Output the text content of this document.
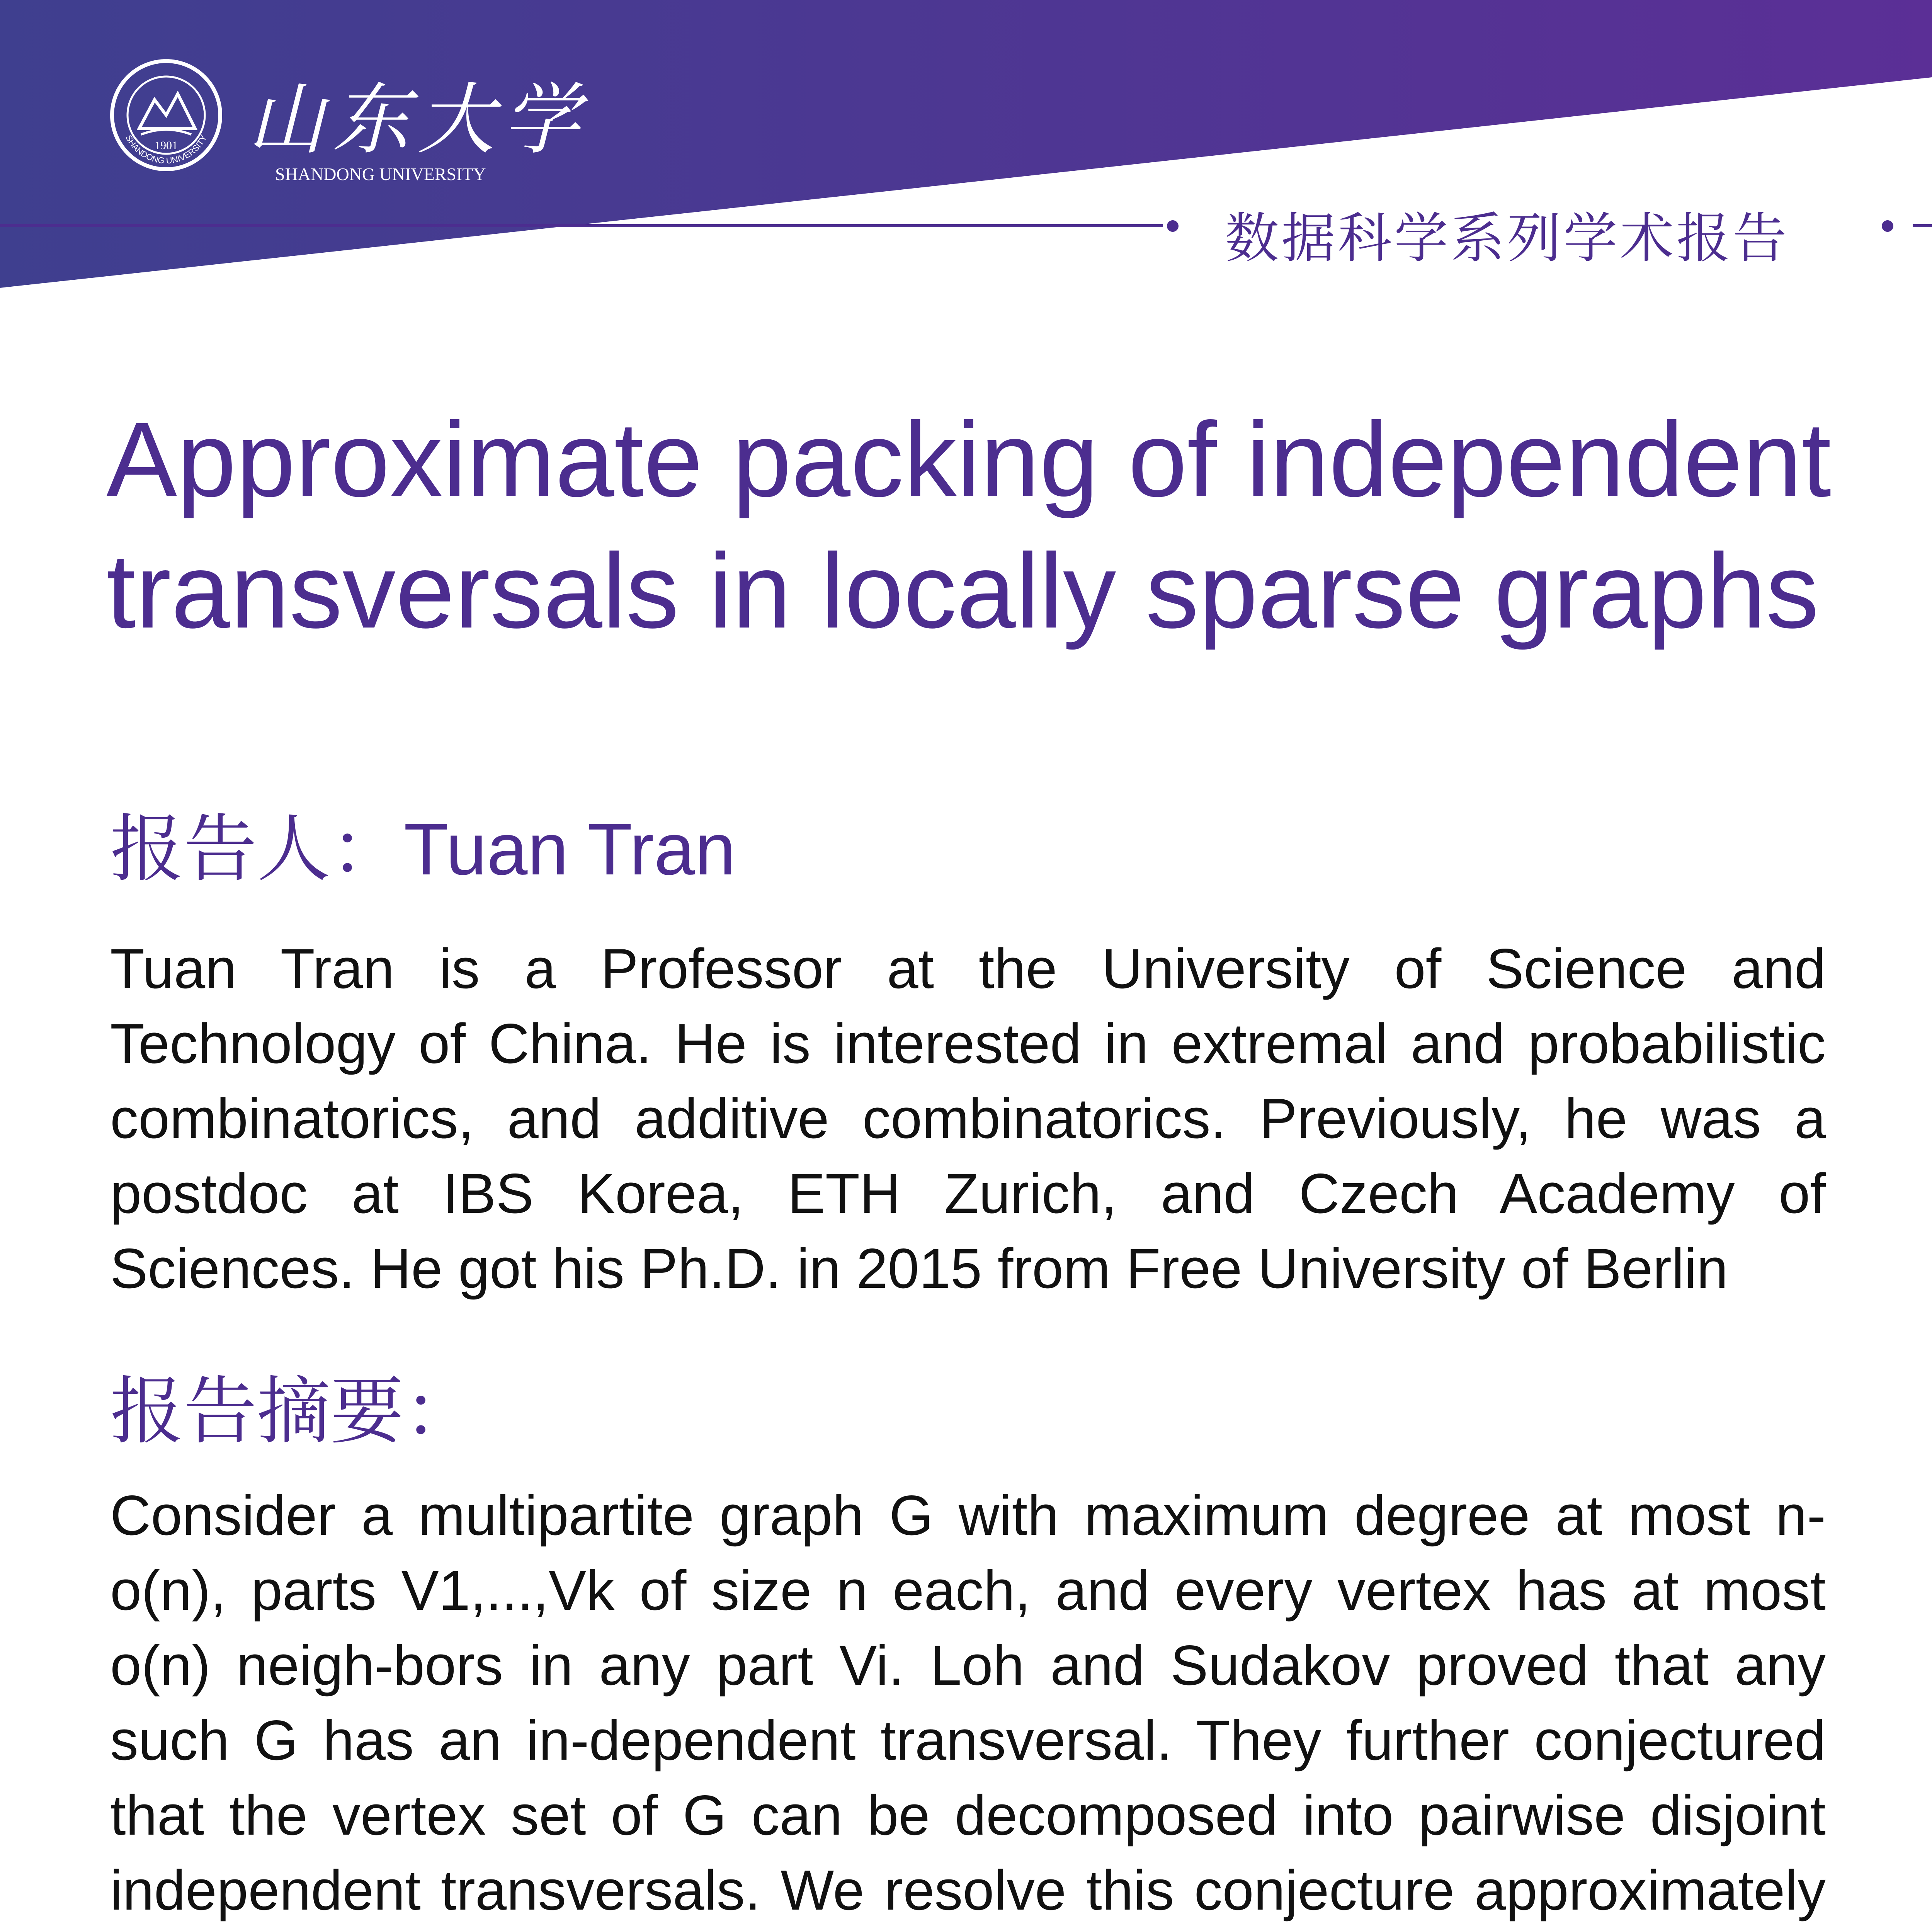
1901
SHANDONG UNIVERSITY 山东大学
SHANDONG UNIVERSITY
数据科学系列学术报告
Approximate packing of independent
transversals in locally sparse graphs
报告人：Tuan Tran
Tuan Tran is a Professor at the University of Science and Technology of China. He is interested in extremal and probabilistic combinatorics, and additive combinatorics. Previously, he was a postdoc at IBS Korea, ETH Zurich, and Czech Academy of Sciences. He got his Ph.D. in 2015 from Free University of Berlin
报告摘要：
Consider a multipartite graph G with maximum degree at most n-o(n), parts V1,...,Vk of size n each, and every vertex has at most o(n) neigh-bors in any part Vi. Loh and Sudakov proved that any such G has an in-dependent transversal. They further conjectured that the vertex set of G can be decomposed into pairwise disjoint independent transversals. We resolve this conjecture approximately
